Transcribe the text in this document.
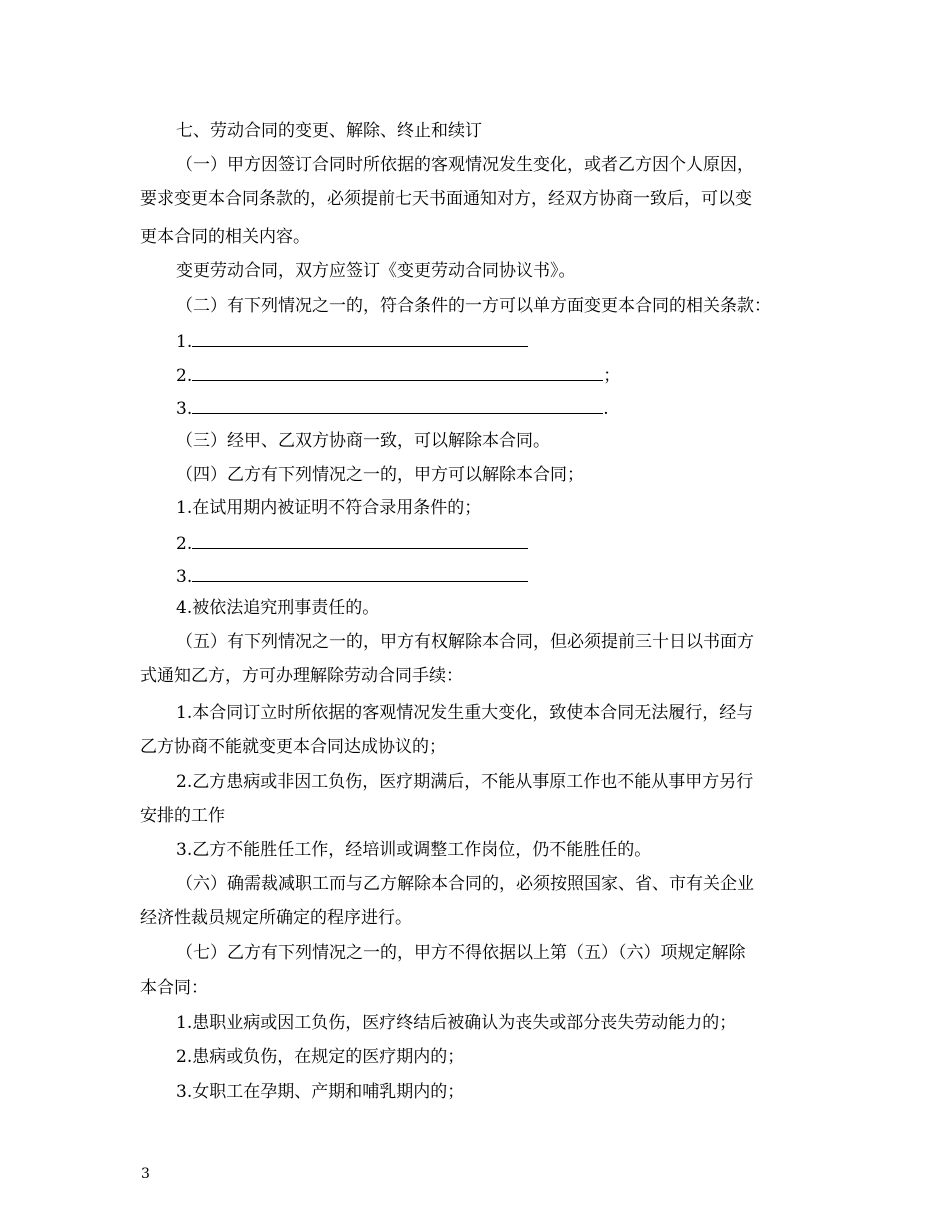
七、劳动合同的变更、解除、终止和续订
（一）甲方因签订合同时所依据的客观情况发生变化，或者乙方因个人原因，
要求变更本合同条款的，必须提前七天书面通知对方，经双方协商一致后，可以变
更本合同的相关内容。
变更劳动合同，双方应签订《变更劳动合同协议书》。
（二）有下列情况之一的，符合条件的一方可以单方面变更本合同的相关条款：
1.
2.	；
3.	.
（三）经甲、乙双方协商一致，可以解除本合同。
（四）乙方有下列情况之一的，甲方可以解除本合同；
1.在试用期内被证明不符合录用条件的；
2.
3.
4.被依法追究刑事责任的。
（五）有下列情况之一的，甲方有权解除本合同，但必须提前三十日以书面方
式通知乙方，方可办理解除劳动合同手续：
1.本合同订立时所依据的客观情况发生重大变化，致使本合同无法履行，经与
乙方协商不能就变更本合同达成协议的；
2.乙方患病或非因工负伤，医疗期满后，不能从事原工作也不能从事甲方另行
安排的工作
3.乙方不能胜任工作，经培训或调整工作岗位，仍不能胜任的。
（六）确需裁减职工而与乙方解除本合同的，必须按照国家、省、市有关企业
经济性裁员规定所确定的程序进行。
（七）乙方有下列情况之一的，甲方不得依据以上第（五）（六）项规定解除
本合同：
1.患职业病或因工负伤，医疗终结后被确认为丧失或部分丧失劳动能力的；
2.患病或负伤，在规定的医疗期内的；
3.女职工在孕期、产期和哺乳期内的；
3
